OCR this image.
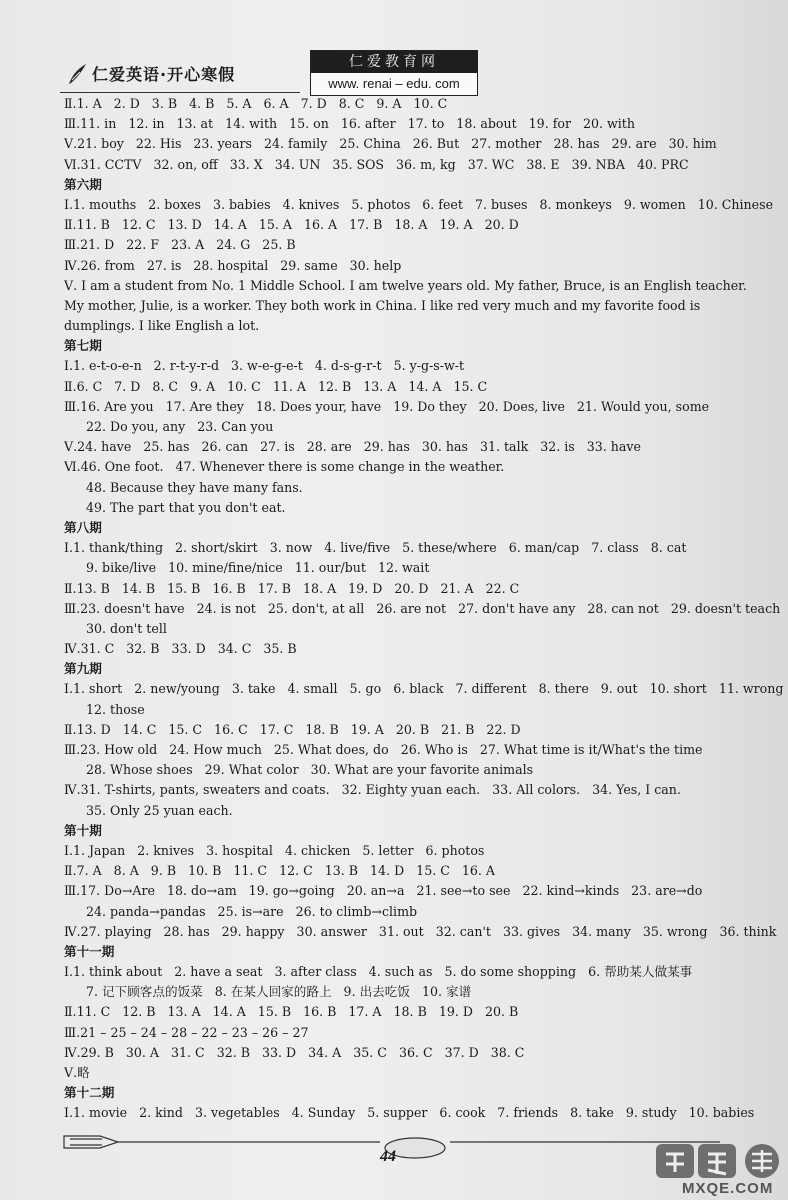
仁爱英语·开心寒假
仁爱教育网
www. renai – edu. com
Ⅱ.1. A   2. D   3. B   4. B   5. A   6. A   7. D   8. C   9. A   10. C
Ⅲ.11. in   12. in   13. at   14. with   15. on   16. after   17. to   18. about   19. for   20. with
Ⅴ.21. boy   22. His   23. years   24. family   25. China   26. But   27. mother   28. has   29. are   30. him
Ⅵ.31. CCTV   32. on, off   33. X   34. UN   35. SOS   36. m, kg   37. WC   38. E   39. NBA   40. PRC
第六期
Ⅰ.1. mouths   2. boxes   3. babies   4. knives   5. photos   6. feet   7. buses   8. monkeys   9. women   10. Chinese
Ⅱ.11. B   12. C   13. D   14. A   15. A   16. A   17. B   18. A   19. A   20. D
Ⅲ.21. D   22. F   23. A   24. G   25. B
Ⅳ.26. from   27. is   28. hospital   29. same   30. help
Ⅴ. I am a student from No. 1 Middle School. I am twelve years old. My father, Bruce, is an English teacher. My mother, Julie, is a worker. They both work in China. I like red very much and my favorite food is dumplings. I like English a lot.
第七期
Ⅰ.1. e-t-o-e-n   2. r-t-y-r-d   3. w-e-g-e-t   4. d-s-g-r-t   5. y-g-s-w-t
Ⅱ.6. C   7. D   8. C   9. A   10. C   11. A   12. B   13. A   14. A   15. C
Ⅲ.16. Are you   17. Are they   18. Does your, have   19. Do they   20. Does, live   21. Would you, some
22. Do you, any   23. Can you
Ⅴ.24. have   25. has   26. can   27. is   28. are   29. has   30. has   31. talk   32. is   33. have
Ⅵ.46. One foot.   47. Whenever there is some change in the weather.
48. Because they have many fans.
49. The part that you don't eat.
第八期
Ⅰ.1. thank/thing   2. short/skirt   3. now   4. live/five   5. these/where   6. man/cap   7. class   8. cat
9. bike/live   10. mine/fine/nice   11. our/but   12. wait
Ⅱ.13. B   14. B   15. B   16. B   17. B   18. A   19. D   20. D   21. A   22. C
Ⅲ.23. doesn't have   24. is not   25. don't, at all   26. are not   27. don't have any   28. can not   29. doesn't teach
30. don't tell
Ⅳ.31. C   32. B   33. D   34. C   35. B
第九期
Ⅰ.1. short   2. new/young   3. take   4. small   5. go   6. black   7. different   8. there   9. out   10. short   11. wrong
12. those
Ⅱ.13. D   14. C   15. C   16. C   17. C   18. B   19. A   20. B   21. B   22. D
Ⅲ.23. How old   24. How much   25. What does, do   26. Who is   27. What time is it/What's the time
28. Whose shoes   29. What color   30. What are your favorite animals
Ⅳ.31. T-shirts, pants, sweaters and coats.   32. Eighty yuan each.   33. All colors.   34. Yes, I can.
35. Only 25 yuan each.
第十期
Ⅰ.1. Japan   2. knives   3. hospital   4. chicken   5. letter   6. photos
Ⅱ.7. A   8. A   9. B   10. B   11. C   12. C   13. B   14. D   15. C   16. A
Ⅲ.17. Do→Are   18. do→am   19. go→going   20. an→a   21. see→to see   22. kind→kinds   23. are→do
24. panda→pandas   25. is→are   26. to climb→climb
Ⅳ.27. playing   28. has   29. happy   30. answer   31. out   32. can't   33. gives   34. many   35. wrong   36. think
第十一期
Ⅰ.1. think about   2. have a seat   3. after class   4. such as   5. do some shopping   6. 帮助某人做某事
7. 记下顾客点的饭菜   8. 在某人回家的路上   9. 出去吃饭   10. 家谱
Ⅱ.11. C   12. B   13. A   14. A   15. B   16. B   17. A   18. B   19. D   20. B
Ⅲ.21 – 25 – 24 – 28 – 22 – 23 – 26 – 27
Ⅳ.29. B   30. A   31. C   32. B   33. D   34. A   35. C   36. C   37. D   38. C
Ⅴ.略
第十二期
Ⅰ.1. movie   2. kind   3. vegetables   4. Sunday   5. supper   6. cook   7. friends   8. take   9. study   10. babies
44
MXQE.COM
